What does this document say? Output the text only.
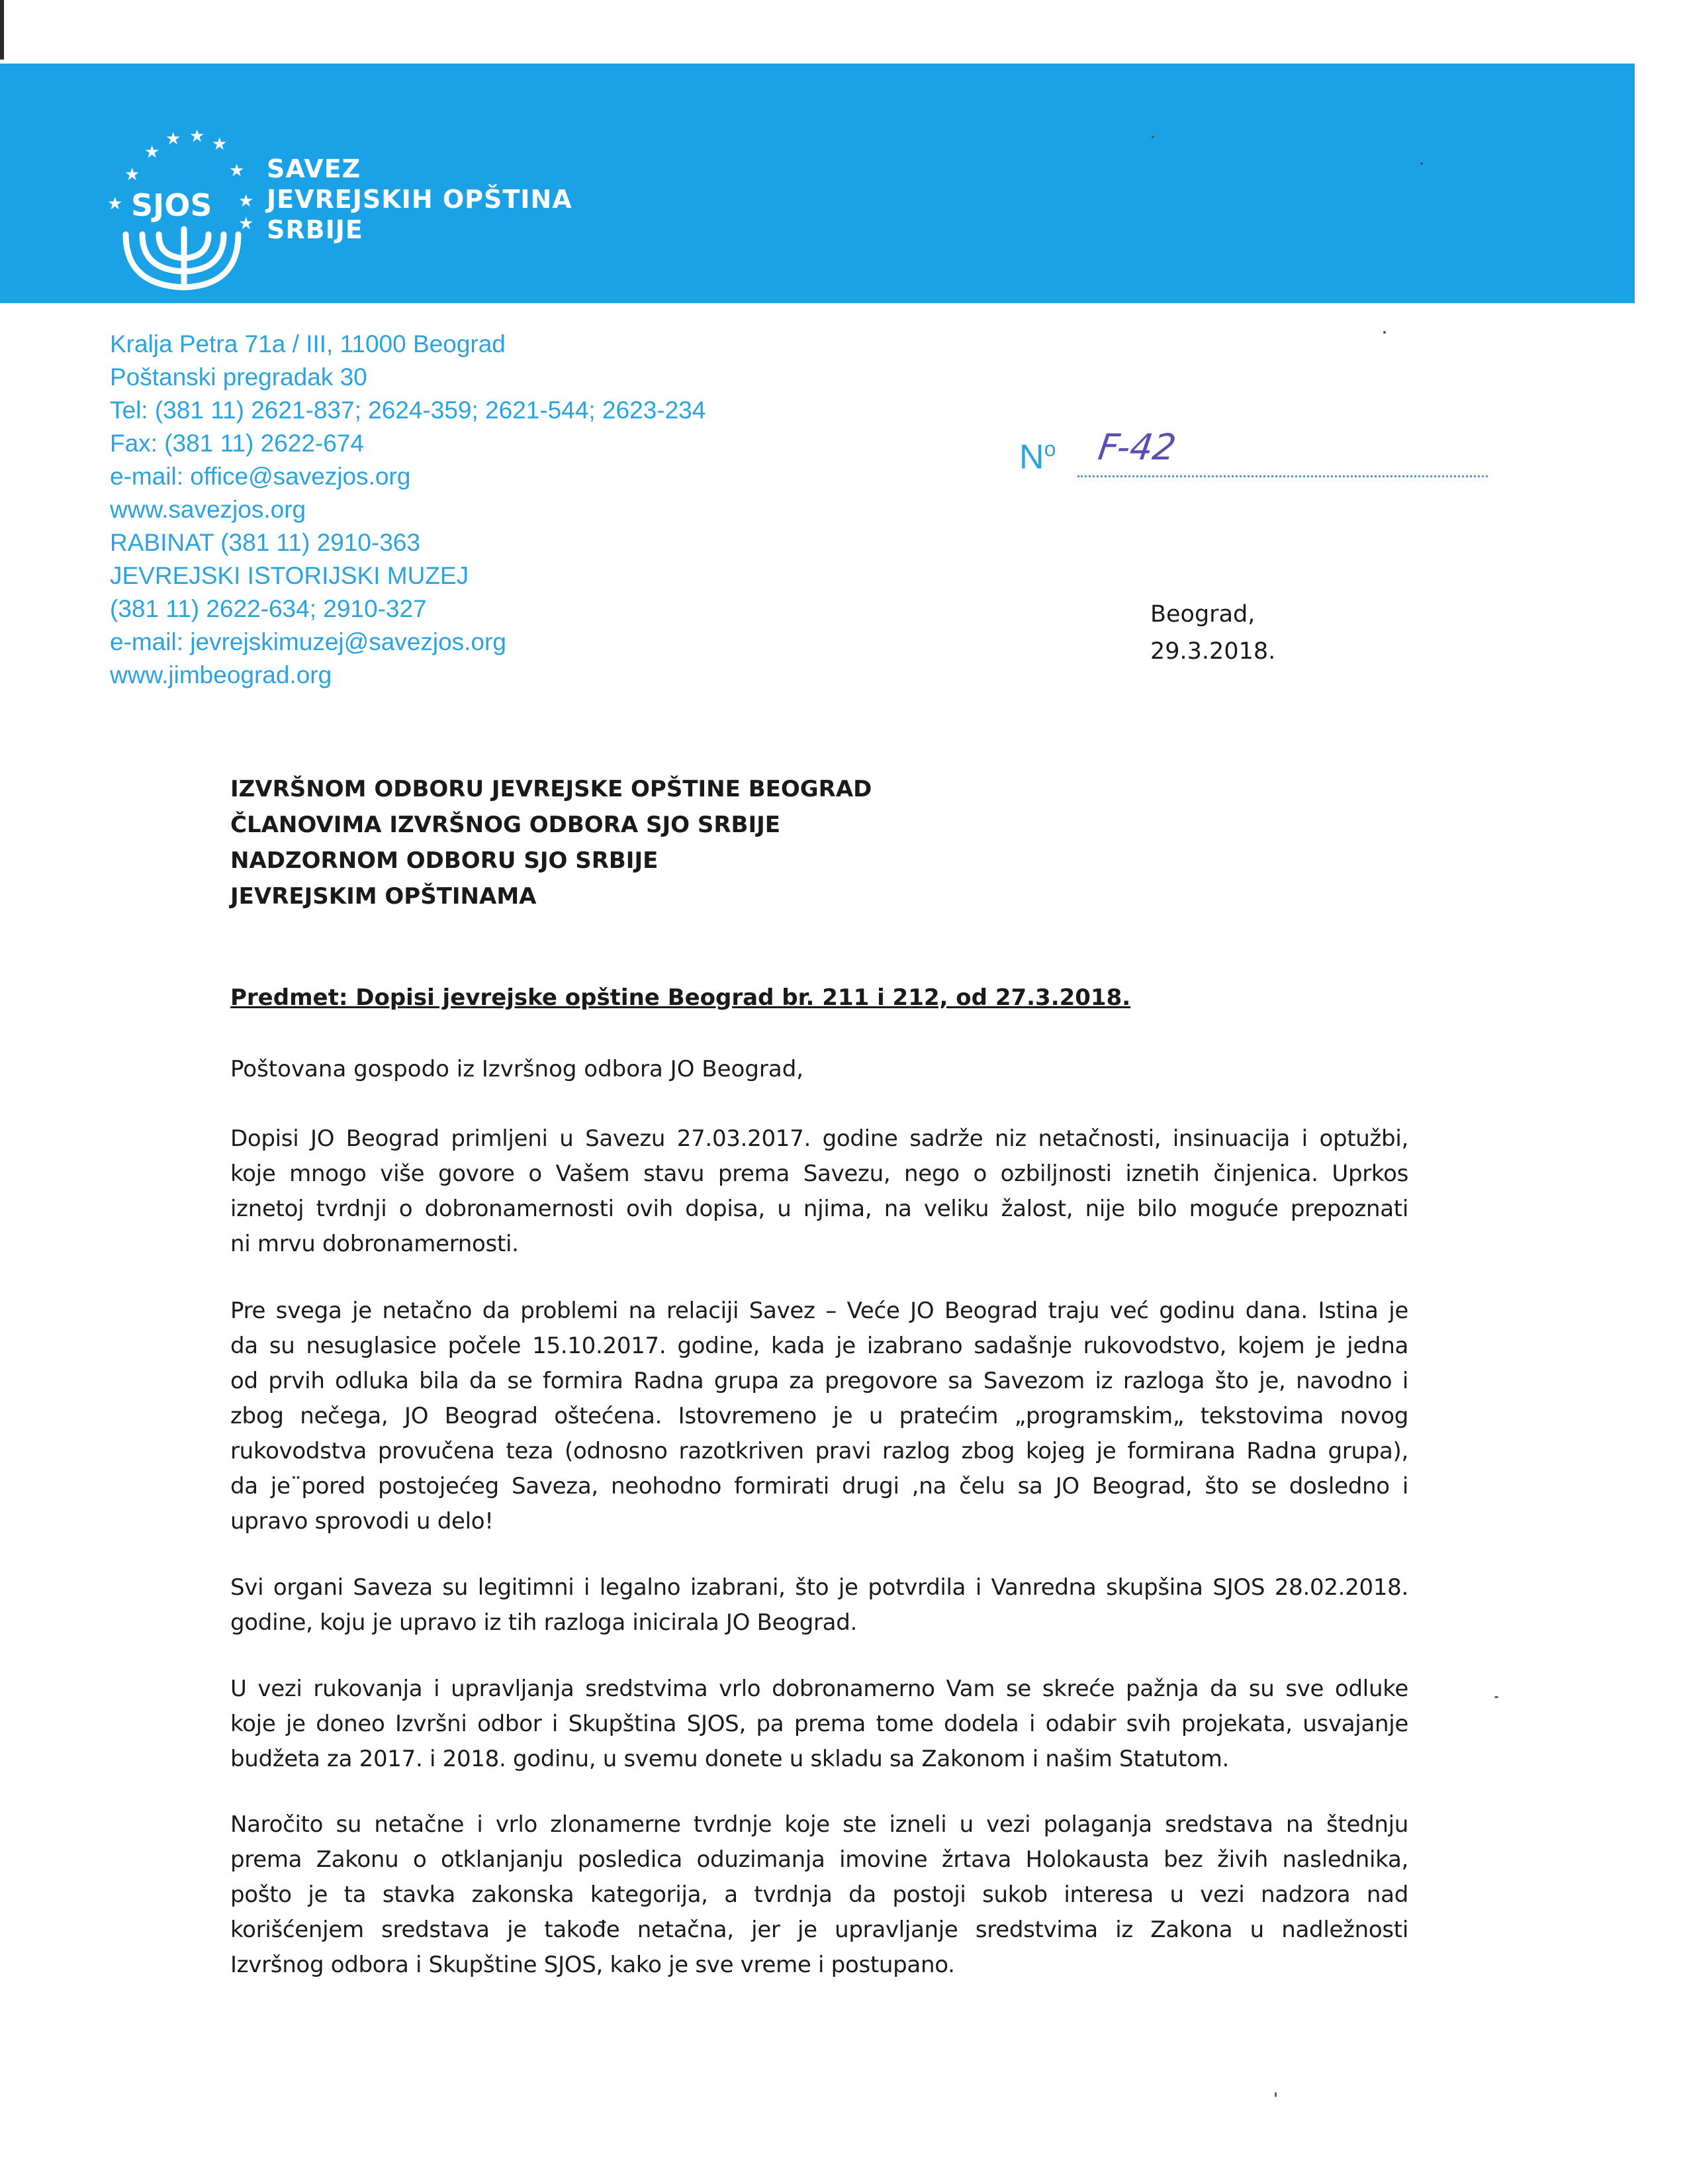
★
★ ★ ★
★	★
★	★
★
SJOS
SAVEZ
JEVREJSKIH OPŠTINA
SRBIJE
Kralja Petra 71a / III, 11000 Beograd
Poštanski pregradak 30
Tel: (381 11) 2621-837; 2624-359; 2621-544; 2623-234
Fax: (381 11) 2622-674
e-mail: office@savezjos.org
www.savezjos.org
RABINAT (381 11) 2910-363
JEVREJSKI ISTORIJSKI MUZEJ
(381 11) 2622-634; 2910-327
e-mail: jevrejskimuzej@savezjos.org
www.jimbeograd.org
$N^o$ F-42
Beograd,
29.3.2018.
IZVRŠNOM ODBORU JEVREJSKE OPŠTINE BEOGRAD
ČLANOVIMA IZVRŠNOG ODBORA SJO SRBIJE
NADZORNOM ODBORU SJO SRBIJE
JEVREJSKIM OPŠTINAMA
Predmet: Dopisi jevrejske opštine Beograd br. 211 i 212, od 27.3.2018.
Poštovana gospodo iz Izvršnog odbora JO Beograd,
Dopisi JO Beograd primljeni u Savezu 27.03.2017. godine sadrže niz netačnosti, insinuacija i optužbi,
koje mnogo više govore o Vašem stavu prema Savezu, nego o ozbiljnosti iznetih činjenica. Uprkos
iznetoj tvrdnji o dobronamernosti ovih dopisa, u njima, na veliku žalost, nije bilo moguće prepoznati
ni mrvu dobronamernosti.
Pre svega je netačno da problemi na relaciji Savez – Veće JO Beograd traju već godinu dana. Istina je
da su nesuglasice počele 15.10.2017. godine, kada je izabrano sadašnje rukovodstvo, kojem je jedna
od prvih odluka bila da se formira Radna grupa za pregovore sa Savezom iz razloga što je, navodno i
zbog nečega, JO Beograd oštećena. Istovremeno je u pratećim „programskim„ tekstovima novog
rukovodstva provučena teza (odnosno razotkriven pravi razlog zbog kojeg je formirana Radna grupa),
da je¨pored postojećeg Saveza, neohodno formirati drugi ,na čelu sa JO Beograd, što se dosledno i
upravo sprovodi u delo!
Svi organi Saveza su legitimni i legalno izabrani, što je potvrdila i Vanredna skupšina SJOS 28.02.2018.
godine, koju je upravo iz tih razloga inicirala JO Beograd.
U vezi rukovanja i upravljanja sredstvima vrlo dobronamerno Vam se skreće pažnja da su sve odluke
koje je doneo Izvršni odbor i Skupština SJOS, pa prema tome dodela i odabir svih projekata, usvajanje
budžeta za 2017. i 2018. godinu, u svemu donete u skladu sa Zakonom i našim Statutom.
Naročito su netačne i vrlo zlonamerne tvrdnje koje ste izneli u vezi polaganja sredstava na štednju
prema Zakonu o otklanjanju posledica oduzimanja imovine žrtava Holokausta bez živih naslednika,
pošto je ta stavka zakonska kategorija, a tvrdnja da postoji sukob interesa u vezi nadzora nad
korišćenjem sredstava je takođe netačna, jer je upravljanje sredstvima iz Zakona u nadležnosti
Izvršnog odbora i Skupštine SJOS, kako je sve vreme i postupano.
